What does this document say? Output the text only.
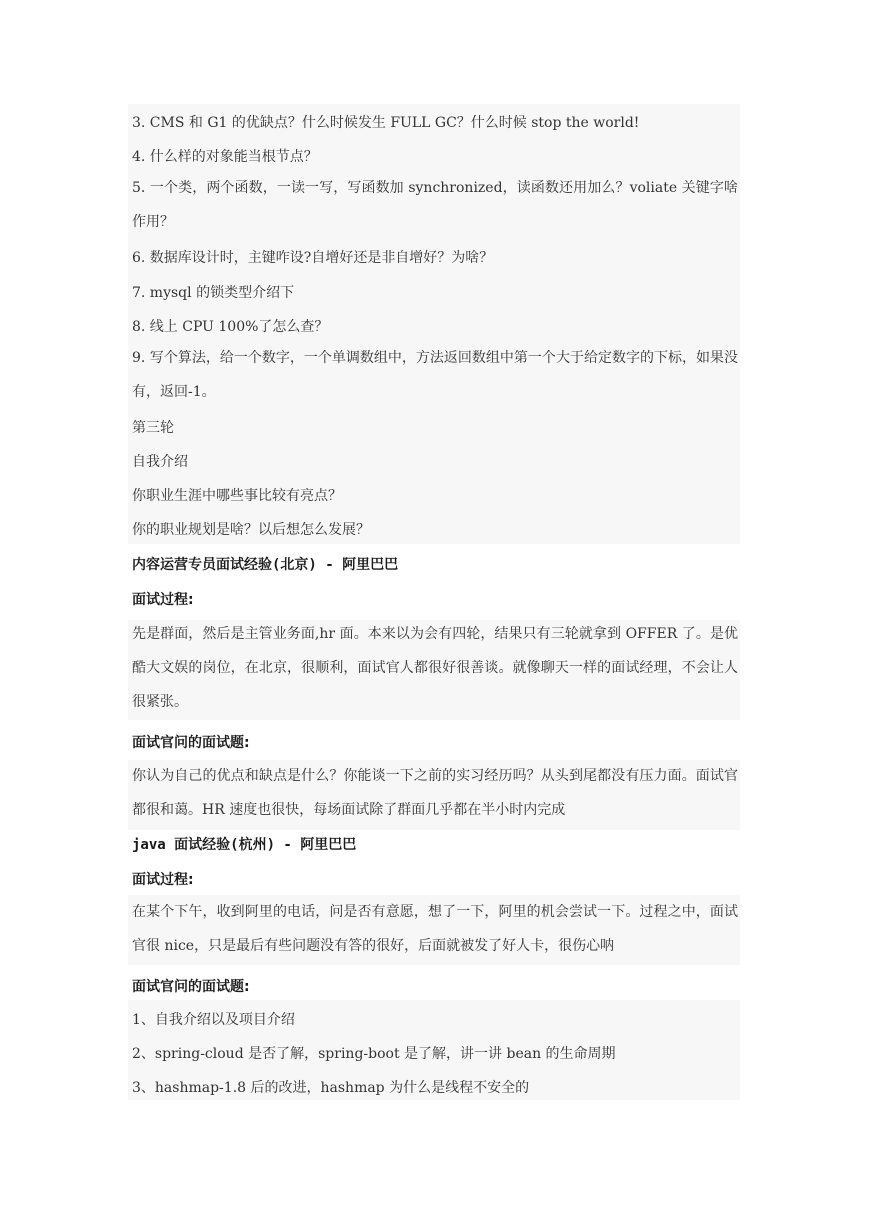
3. CMS 和 G1 的优缺点？什么时候发生 FULL GC？什么时候 stop the world!
4. 什么样的对象能当根节点？
5. 一个类，两个函数，一读一写，写函数加 synchronized，读函数还用加么？voliate 关键字啥作用？
6. 数据库设计时，主键咋设?自增好还是非自增好？为啥？
7. mysql 的锁类型介绍下
8. 线上 CPU 100%了怎么查？
9. 写个算法，给一个数字，一个单调数组中，方法返回数组中第一个大于给定数字的下标，如果没有，返回-1。
第三轮
自我介绍
你职业生涯中哪些事比较有亮点？
你的职业规划是啥？以后想怎么发展？
内容运营专员面试经验(北京) - 阿里巴巴
面试过程:
先是群面，然后是主管业务面,hr 面。本来以为会有四轮，结果只有三轮就拿到 OFFER 了。是优酷大文娱的岗位，在北京，很顺利，面试官人都很好很善谈。就像聊天一样的面试经理，不会让人很紧张。
面试官问的面试题:
你认为自己的优点和缺点是什么？你能谈一下之前的实习经历吗？从头到尾都没有压力面。面试官都很和蔼。HR 速度也很快，每场面试除了群面几乎都在半小时内完成
java 面试经验(杭州) - 阿里巴巴
面试过程:
在某个下午，收到阿里的电话，问是否有意愿，想了一下，阿里的机会尝试一下。过程之中，面试官很 nice，只是最后有些问题没有答的很好，后面就被发了好人卡，很伤心呐
面试官问的面试题:
1、自我介绍以及项目介绍
2、spring-cloud 是否了解，spring-boot 是了解，讲一讲 bean 的生命周期
3、hashmap-1.8 后的改进，hashmap 为什么是线程不安全的
